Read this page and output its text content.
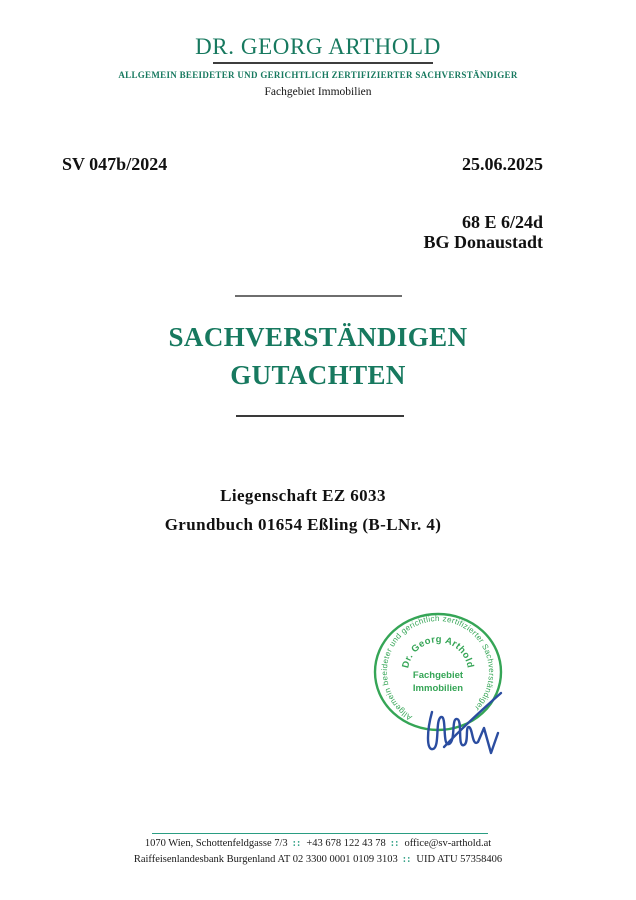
DR. GEORG ARTHOLD
ALLGEMEIN BEEIDETER UND GERICHTLICH ZERTIFIZIERTER SACHVERSTÄNDIGER
Fachgebiet Immobilien
SV 047b/2024	25.06.2025
68 E 6/24d
BG Donaustadt
SACHVERSTÄNDIGEN
GUTACHTEN
Liegenschaft EZ 6033
Grundbuch 01654 Eßling (B-LNr. 4)
Allgemein beeideter und gerichtlich zertifizierter Sachverständiger
Dr. Georg Arthold
Fachgebiet
Immobilien
1070 Wien, Schottenfeldgasse 7/3 :: +43 678 122 43 78 :: office@sv-arthold.at
Raiffeisenlandesbank Burgenland AT 02 3300 0001 0109 3103 :: UID ATU 57358406
